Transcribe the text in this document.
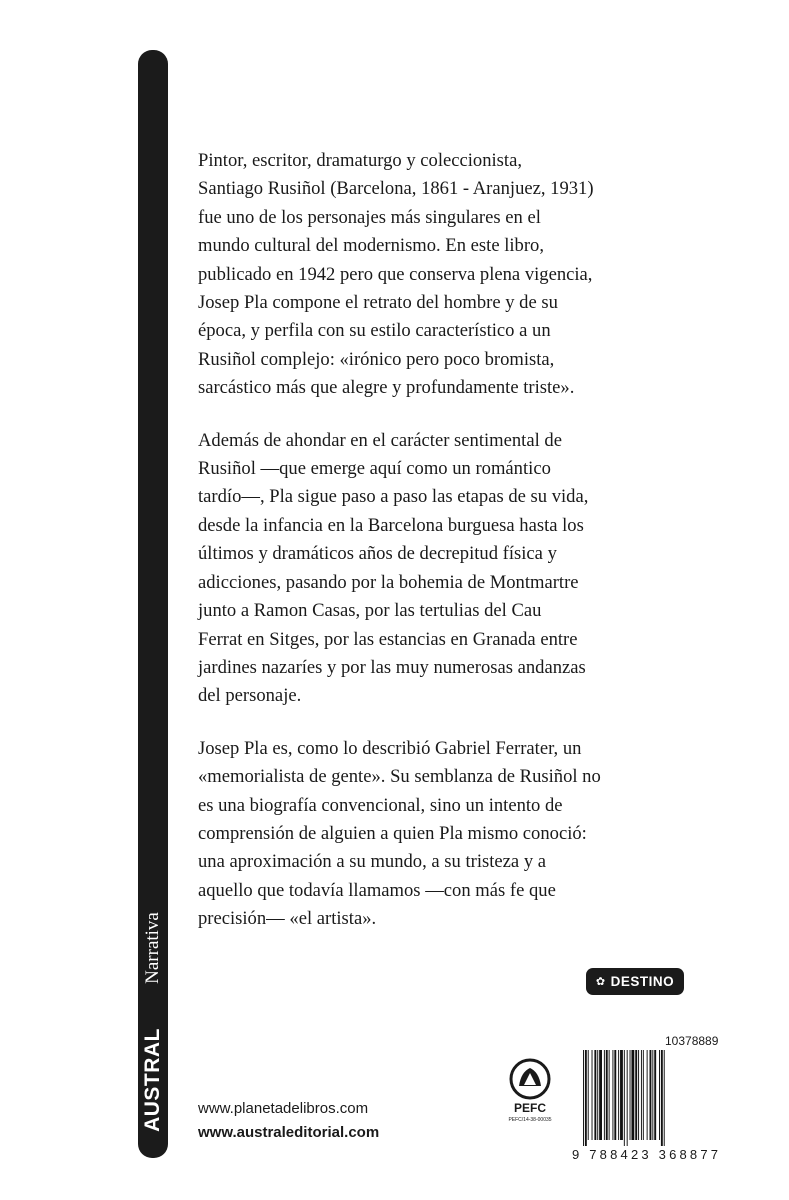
Narrativa
AUSTRAL

Pintor, escritor, dramaturgo y coleccionista,
Santiago Rusiñol (Barcelona, 1861 - Aranjuez, 1931)
fue uno de los personajes más singulares en el
mundo cultural del modernismo. En este libro,
publicado en 1942 pero que conserva plena vigencia,
Josep Pla compone el retrato del hombre y de su
época, y perfila con su estilo característico a un
Rusiñol complejo: «irónico pero poco bromista,
sarcástico más que alegre y profundamente triste».

Además de ahondar en el carácter sentimental de
Rusiñol —que emerge aquí como un romántico
tardío—, Pla sigue paso a paso las etapas de su vida,
desde la infancia en la Barcelona burguesa hasta los
últimos y dramáticos años de decrepitud física y
adicciones, pasando por la bohemia de Montmartre
junto a Ramon Casas, por las tertulias del Cau
Ferrat en Sitges, por las estancias en Granada entre
jardines nazaríes y por las muy numerosas andanzas
del personaje.

Josep Pla es, como lo describió Gabriel Ferrater, un
«memorialista de gente». Su semblanza de Rusiñol no
es una biografía convencional, sino un intento de
comprensión de alguien a quien Pla mismo conoció:
una aproximación a su mundo, a su tristeza y a
aquello que todavía llamamos —con más fe que
precisión— «el artista».

✿ DESTINO
www.planetadelibros.com
www.australeditorial.com
PEFC
PEFC/14-38-00035
10378889
9 788423 368877
